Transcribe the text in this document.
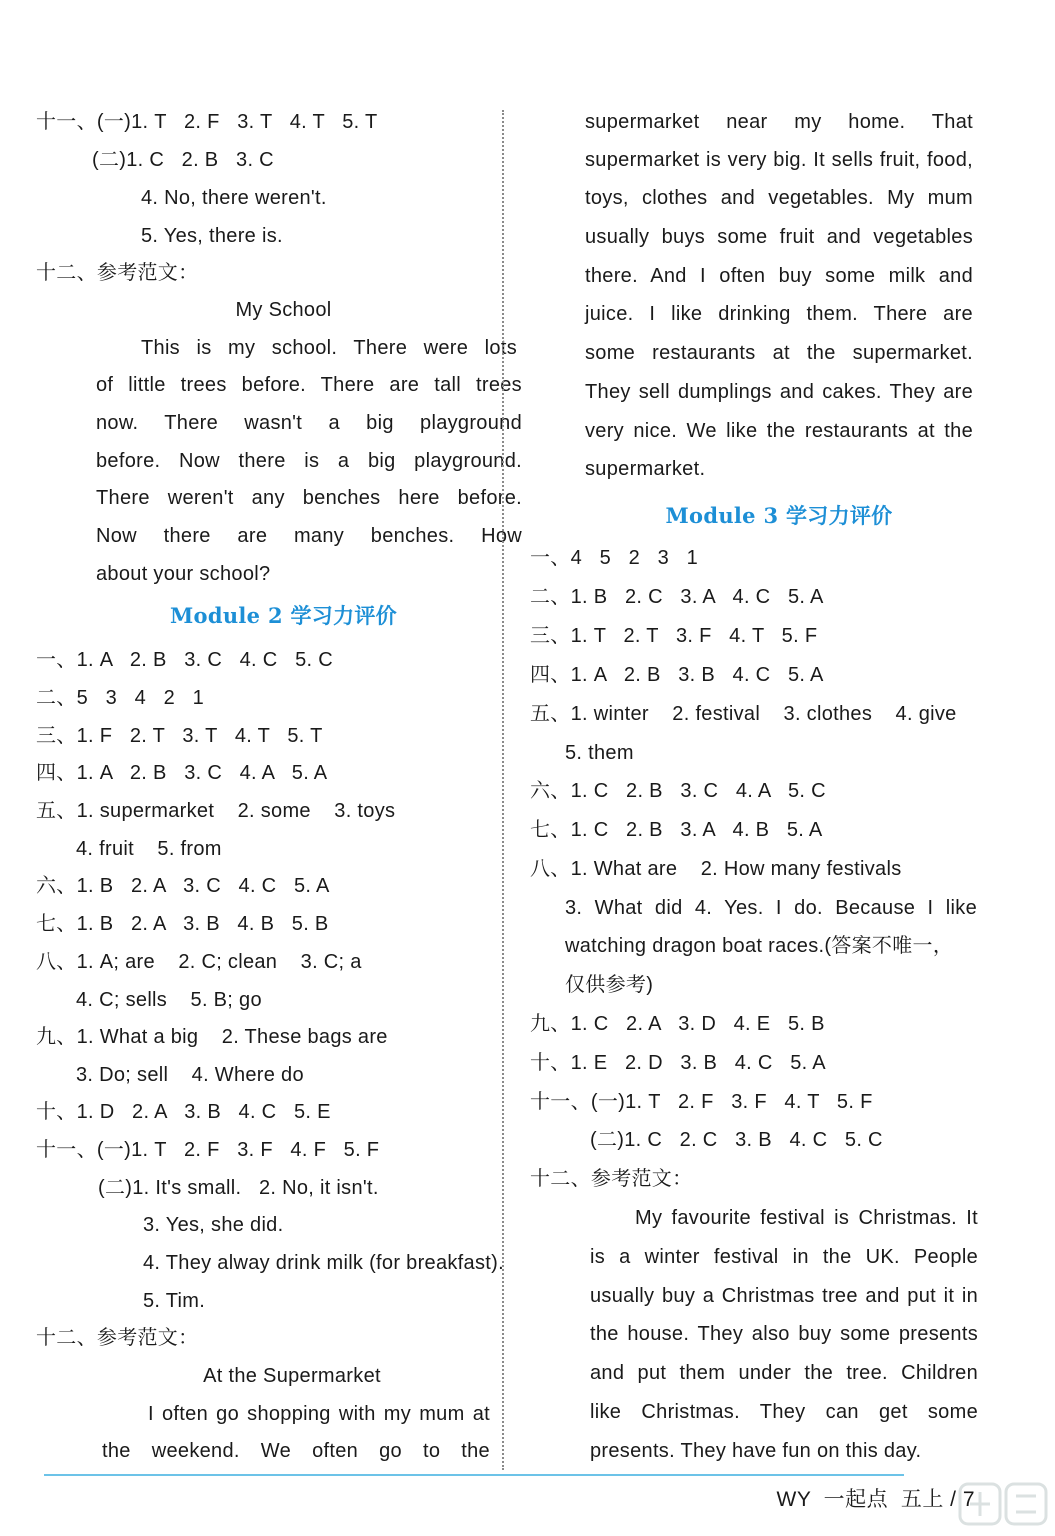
十一、(一)1. T   2. F   3. T   4. T   5. T
(二)1. C   2. B   3. C
4. No, there weren't.
5. Yes, there is.
十二、参考范文：
My School
This is my school. There were lots
of little trees before. There are tall trees
now. There wasn't a big playground
before. Now there is a big playground.
There weren't any benches here before.
Now there are many benches. How
about your school?
Module 2 学习力评价
一、1. A   2. B   3. C   4. C   5. C
二、5   3   4   2   1
三、1. F   2. T   3. T   4. T   5. T
四、1. A   2. B   3. C   4. A   5. A
五、1. supermarket    2. some    3. toys
4. fruit    5. from
六、1. B   2. A   3. C   4. C   5. A
七、1. B   2. A   3. B   4. B   5. B
八、1. A; are    2. C; clean    3. C; a
4. C; sells    5. B; go
九、1. What a big    2. These bags are
3. Do; sell    4. Where do
十、1. D   2. A   3. B   4. C   5. E
十一、(一)1. T   2. F   3. F   4. F   5. F
(二)1. It's small.   2. No, it isn't.
3. Yes, she did.
4. They alway drink milk (for breakfast).
5. Tim.
十二、参考范文：
At the Supermarket
I often go shopping with my mum at
the weekend. We often go to the
supermarket near my home. That
supermarket is very big. It sells fruit, food,
toys, clothes and vegetables. My mum
usually buys some fruit and vegetables
there. And I often buy some milk and
juice. I like drinking them. There are
some restaurants at the supermarket.
They sell dumplings and cakes. They are
very nice. We like the restaurants at the
supermarket.
Module 3 学习力评价
一、4   5   2   3   1
二、1. B   2. C   3. A   4. C   5. A
三、1. T   2. T   3. F   4. T   5. F
四、1. A   2. B   3. B   4. C   5. A
五、1. winter    2. festival    3. clothes    4. give
5. them
六、1. C   2. B   3. C   4. A   5. C
七、1. C   2. B   3. A   4. B   5. A
八、1. What are    2. How many festivals
3. What did 4. Yes. I do. Because I like
watching dragon boat races.(答案不唯一，
仅供参考)
九、1. C   2. A   3. D   4. E   5. B
十、1. E   2. D   3. B   4. C   5. A
十一、(一)1. T   2. F   3. F   4. T   5. F
(二)1. C   2. C   3. B   4. C   5. C
十二、参考范文：
My favourite festival is Christmas. It
is a winter festival in the UK. People
usually buy a Christmas tree and put it in
the house. They also buy some presents
and put them under the tree. Children
like Christmas. They can get some
presents. They have fun on this day.
WY  一起点  五上 / 7
